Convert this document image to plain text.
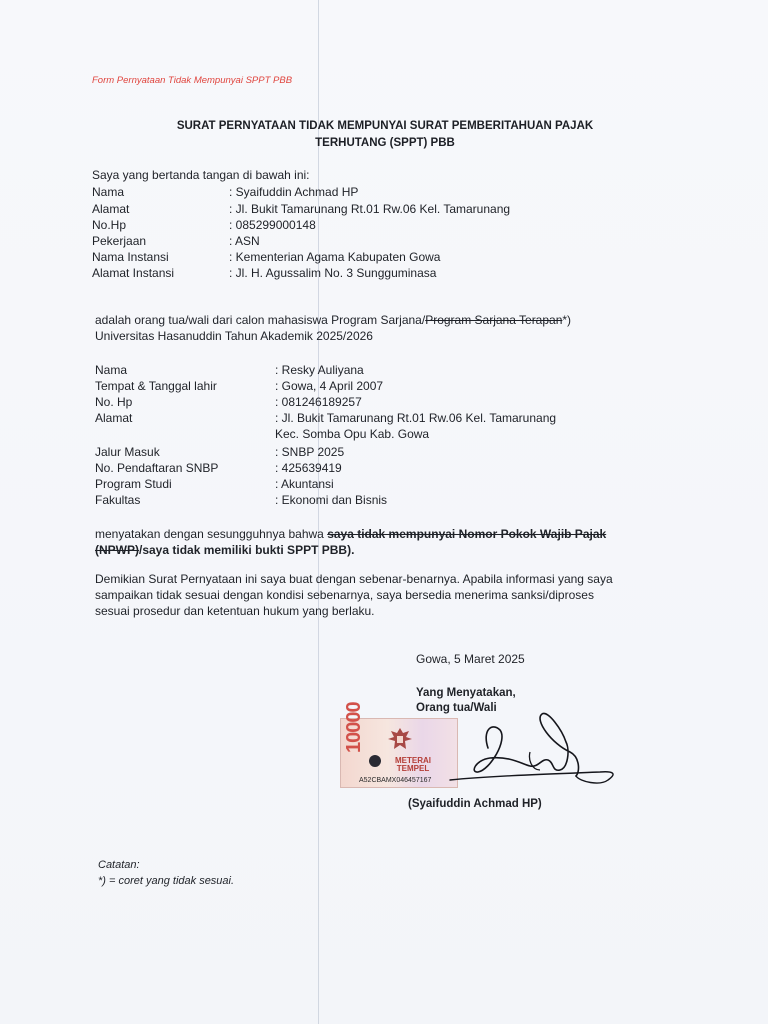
Form Pernyataan Tidak Mempunyai SPPT PBB
SURAT PERNYATAAN TIDAK MEMPUNYAI SURAT PEMBERITAHUAN PAJAK
TERHUTANG (SPPT) PBB
Saya yang bertanda tangan di bawah ini:
Nama	: Syaifuddin Achmad HP
Alamat	: Jl. Bukit Tamarunang Rt.01 Rw.06 Kel. Tamarunang
No.Hp	: 085299000148
Pekerjaan	: ASN
Nama Instansi	: Kementerian Agama Kabupaten Gowa
Alamat Instansi	: Jl. H. Agussalim No. 3 Sungguminasa
adalah orang tua/wali dari calon mahasiswa Program Sarjana/Program Sarjana Terapan*)
Universitas Hasanuddin Tahun Akademik 2025/2026
Nama	: Resky Auliyana
Tempat & Tanggal lahir	: Gowa, 4 April 2007
No. Hp	: 081246189257
Alamat	: Jl. Bukit Tamarunang Rt.01 Rw.06 Kel. Tamarunang
Kec. Somba Opu Kab. Gowa
Jalur Masuk	: SNBP 2025
No. Pendaftaran SNBP	: 425639419
Program Studi	: Akuntansi
Fakultas	: Ekonomi dan Bisnis
menyatakan dengan sesungguhnya bahwa saya tidak mempunyai Nomor Pokok Wajib Pajak
(NPWP)/saya tidak memiliki bukti SPPT PBB).
Demikian Surat Pernyataan ini saya buat dengan sebenar-benarnya. Apabila informasi yang saya
sampaikan tidak sesuai dengan kondisi sebenarnya, saya bersedia menerima sanksi/diproses
sesuai prosedur dan ketentuan hukum yang berlaku.
Gowa, 5 Maret 2025
Yang Menyatakan,
Orang tua/Wali
10000
METERAI
TEMPEL
A52CBAMX046457167
(Syaifuddin Achmad HP)
Catatan:
*) = coret yang tidak sesuai.
